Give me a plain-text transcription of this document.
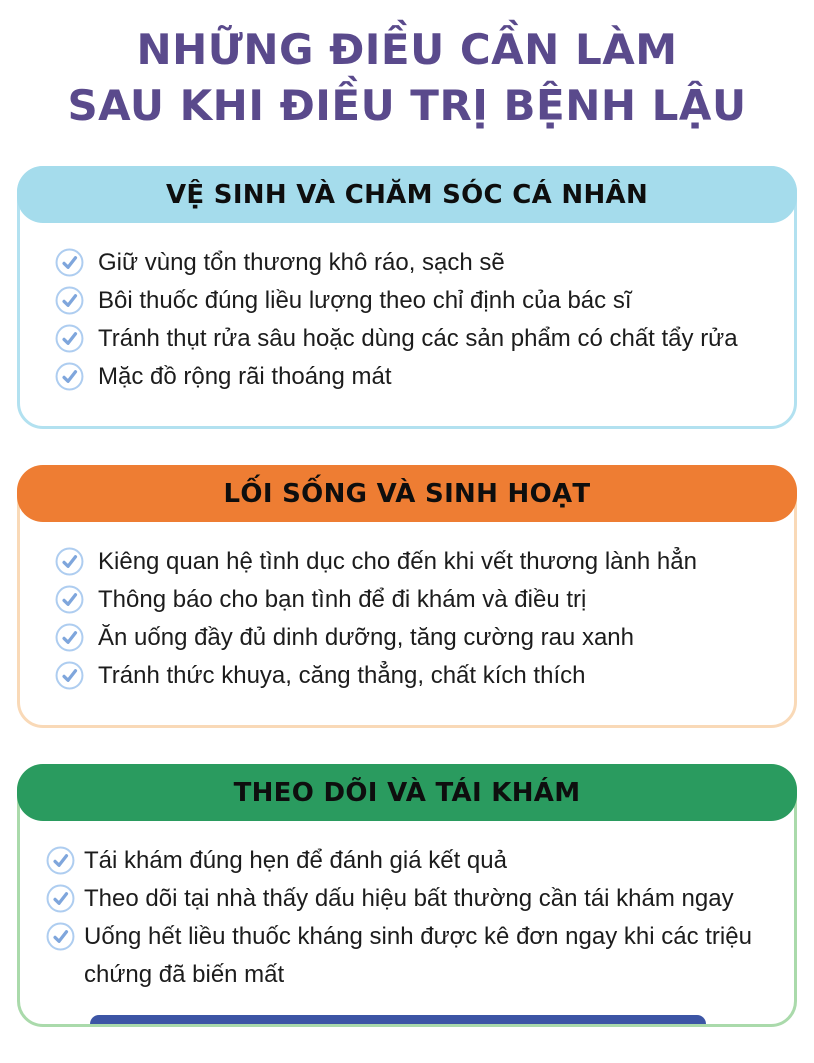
NHỮNG ĐIỀU CẦN LÀM
SAU KHI ĐIỀU TRỊ BỆNH LẬU
VỆ SINH VÀ CHĂM SÓC CÁ NHÂN
Giữ vùng tổn thương khô ráo, sạch sẽ
Bôi thuốc đúng liều lượng theo chỉ định của bác sĩ
Tránh thụt rửa sâu hoặc dùng các sản phẩm có chất tẩy rửa
Mặc đồ rộng rãi thoáng mát
LỐI SỐNG VÀ SINH HOẠT
Kiêng quan hệ tình dục cho đến khi vết thương lành hẳn
Thông báo cho bạn tình để đi khám và điều trị
Ăn uống đầy đủ dinh dưỡng, tăng cường rau xanh
Tránh thức khuya, căng thẳng, chất kích thích
THEO DÕI VÀ TÁI KHÁM
Tái khám đúng hẹn để đánh giá kết quả
Theo dõi tại nhà thấy dấu hiệu bất thường cần tái khám ngay
Uống hết liều thuốc kháng sinh được kê đơn ngay khi các triệu chứng đã biến mất
